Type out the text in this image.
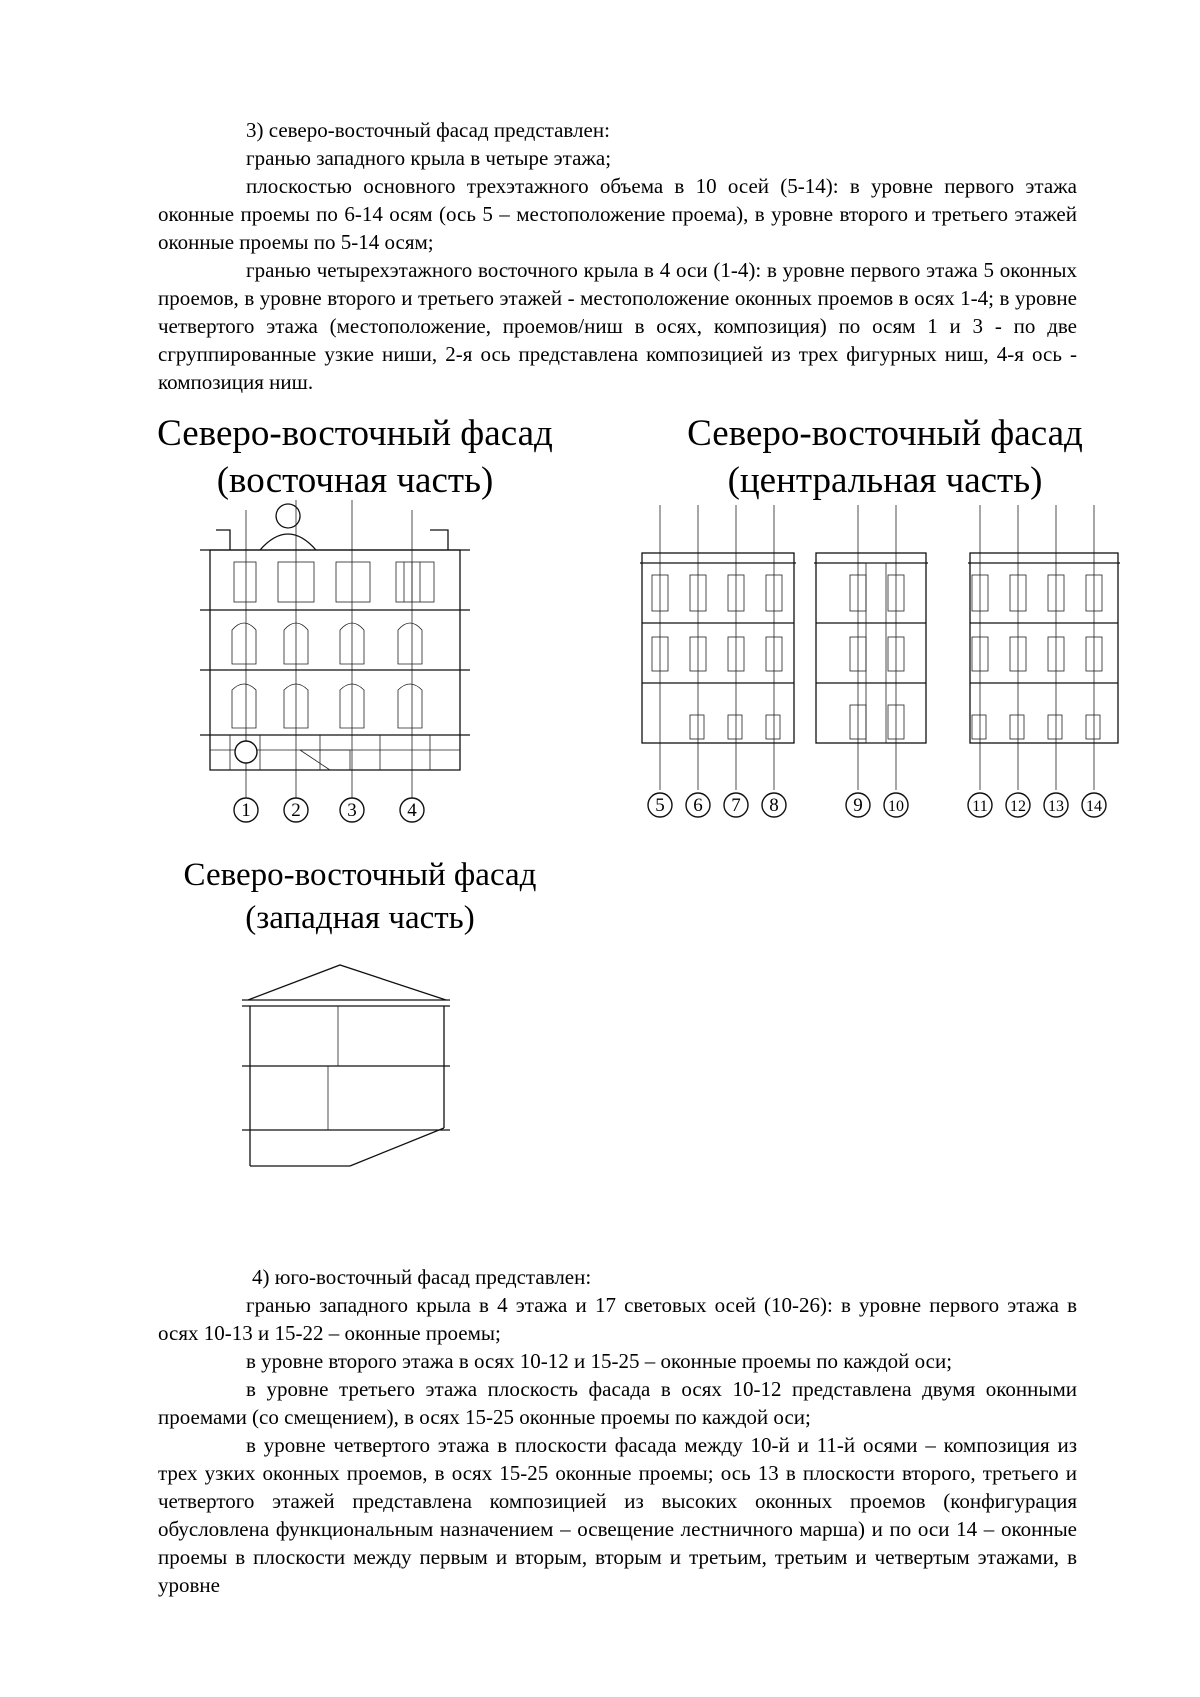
3) северо-восточный фасад представлен:

гранью западного крыла в четыре этажа;

плоскостью основного трехэтажного объема в 10 осей (5-14): в уровне первого этажа оконные проемы по 6-14 осям (ось 5 – местоположение проема), в уровне второго и третьего этажей оконные проемы по 5-14 осям;

гранью четырехэтажного восточного крыла в 4 оси (1-4): в уровне первого этажа 5 оконных проемов, в уровне второго и третьего этажей - местоположение оконных проемов в осях 1-4; в уровне четвертого этажа (местоположение, проемов/ниш в осях, композиция) по осям 1 и 3 - по две сгруппированные узкие ниши, 2-я ось представлена композицией из трех фигурных ниш, 4-я ось - композиция ниш.

Северо-восточный фасад
(восточная часть)
Северо-восточный фасад
(центральная часть)
Северо-восточный фасад
(западная часть)
1 2 3	4	5 6 7 8	9 10	11 12 13 14

4) юго-восточный фасад представлен:

гранью западного крыла в 4 этажа и 17 световых осей (10-26): в уровне первого этажа в осях 10-13 и 15-22 – оконные проемы;

в уровне второго этажа в осях 10-12 и 15-25 – оконные проемы по каждой оси;

в уровне третьего этажа плоскость фасада в осях 10-12 представлена двумя оконными проемами (со смещением), в осях 15-25 оконные проемы по каждой оси;

в уровне четвертого этажа в плоскости фасада между 10-й и 11-й осями – композиция из трех узких оконных проемов, в осях 15-25 оконные проемы; ось 13 в плоскости второго, третьего и четвертого этажей представлена композицией из высоких оконных проемов (конфигурация обусловлена функциональным назначением – освещение лестничного марша) и по оси 14 – оконные проемы в плоскости между первым и вторым, вторым и третьим, третьим и четвертым этажами, в уровне
